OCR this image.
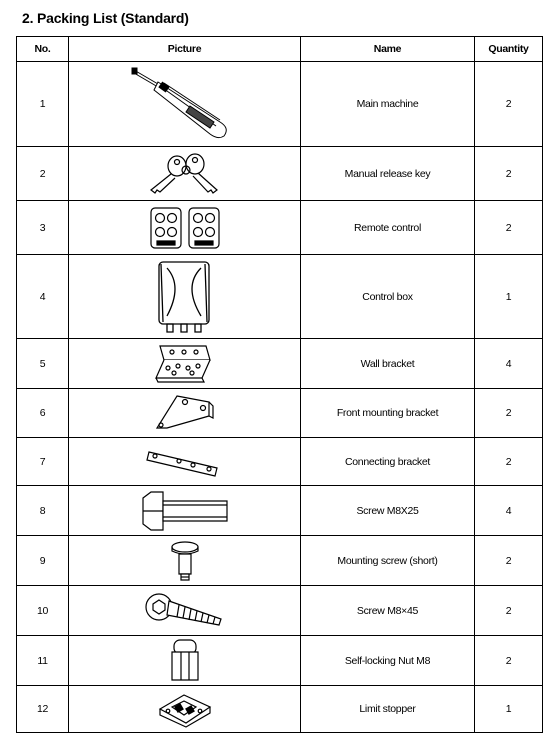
2. Packing List (Standard)
No.	Picture	Name	Quantity
1		Main machine	2
2		Manual release key	2
3		Remote control	2
4		Control box	1
5		Wall bracket	4
6		Front mounting bracket	2
7		Connecting bracket	2
8		Screw M8X25	4
9		Mounting screw (short)	2
10		Screw M8×45	2
11		Self-locking Nut M8	2
12		Limit stopper	1
